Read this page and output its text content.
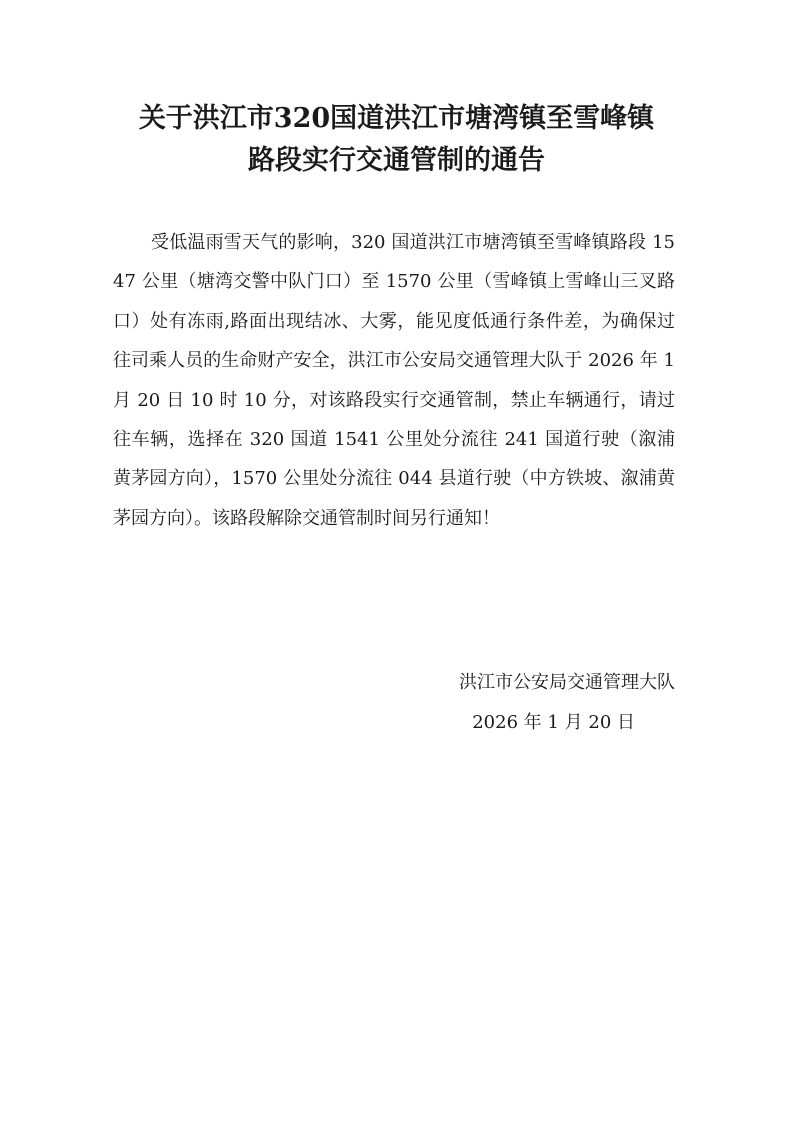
关于洪江市320国道洪江市塘湾镇至雪峰镇
路段实行交通管制的通告

受低温雨雪天气的影响，320 国道洪江市塘湾镇至雪峰镇路段 1547 公里（塘湾交警中队门口）至 1570 公里（雪峰镇上雪峰山三叉路口）处有冻雨,路面出现结冰、大雾，能见度低通行条件差，为确保过往司乘人员的生命财产安全，洪江市公安局交通管理大队于 2026 年 1 月 20 日 10 时 10 分，对该路段实行交通管制，禁止车辆通行，请过往车辆，选择在 320 国道 1541 公里处分流往 241 国道行驶（溆浦黄茅园方向），1570 公里处分流往 044 县道行驶（中方铁坡、溆浦黄茅园方向）。该路段解除交通管制时间另行通知！

洪江市公安局交通管理大队
2026 年 1 月 20 日
